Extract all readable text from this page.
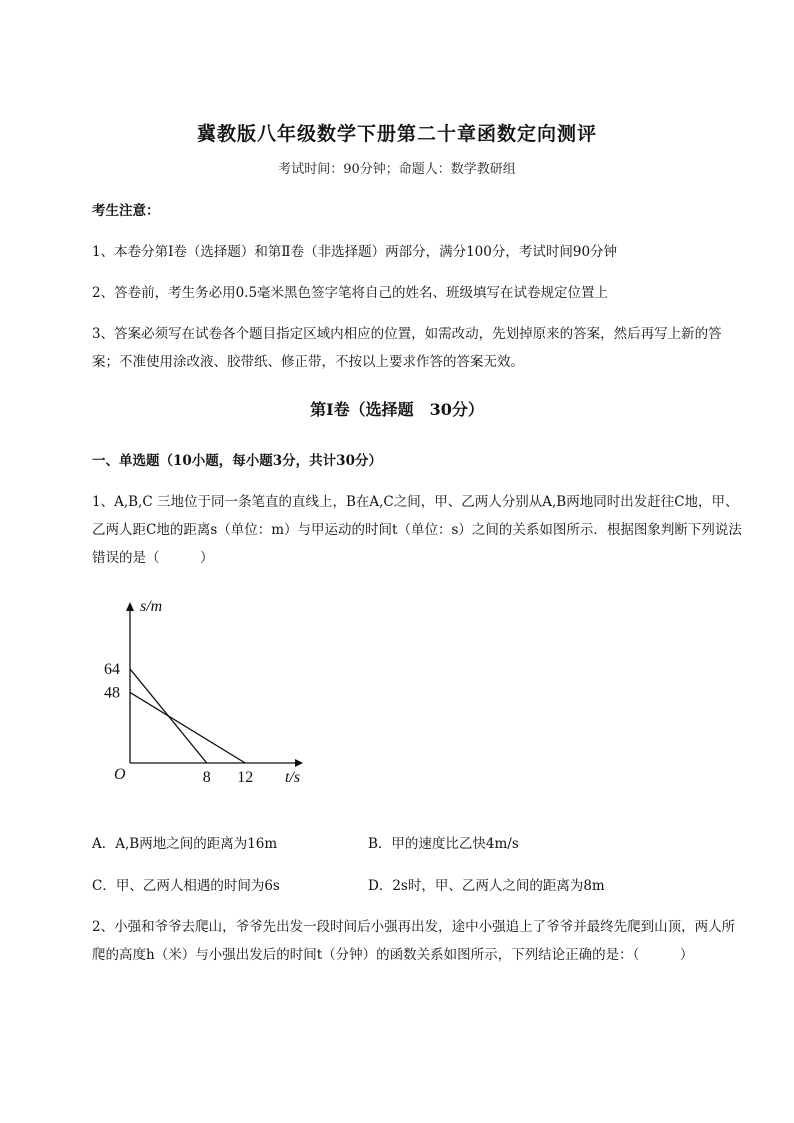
冀教版八年级数学下册第二十章函数定向测评
考试时间：90分钟；命题人：数学教研组
考生注意：
1、本卷分第I卷（选择题）和第Ⅱ卷（非选择题）两部分，满分100分，考试时间90分钟
2、答卷前，考生务必用0.5毫米黑色签字笔将自己的姓名、班级填写在试卷规定位置上
3、答案必须写在试卷各个题目指定区域内相应的位置，如需改动，先划掉原来的答案，然后再写上新的答案；不准使用涂改液、胶带纸、修正带，不按以上要求作答的答案无效。
第I卷（选择题　30分）
一、单选题（10小题，每小题3分，共计30分）
1、A,B,C 三地位于同一条笔直的直线上，B在A,C之间，甲、乙两人分别从A,B两地同时出发赶往C地，甲、乙两人距C地的距离s（单位：m）与甲运动的时间t（单位：s）之间的关系如图所示．根据图象判断下列说法错误的是（　　　）
s/m
t/s
O
64
48
8 12
A．A,B两地之间的距离为16m	B．甲的速度比乙快4m/s
C．甲、乙两人相遇的时间为6s	D．2s时，甲、乙两人之间的距离为8m
2、小强和爷爷去爬山，爷爷先出发一段时间后小强再出发，途中小强追上了爷爷并最终先爬到山顶，两人所爬的高度h（米）与小强出发后的时间t（分钟）的函数关系如图所示，下列结论正确的是：（　　　）
